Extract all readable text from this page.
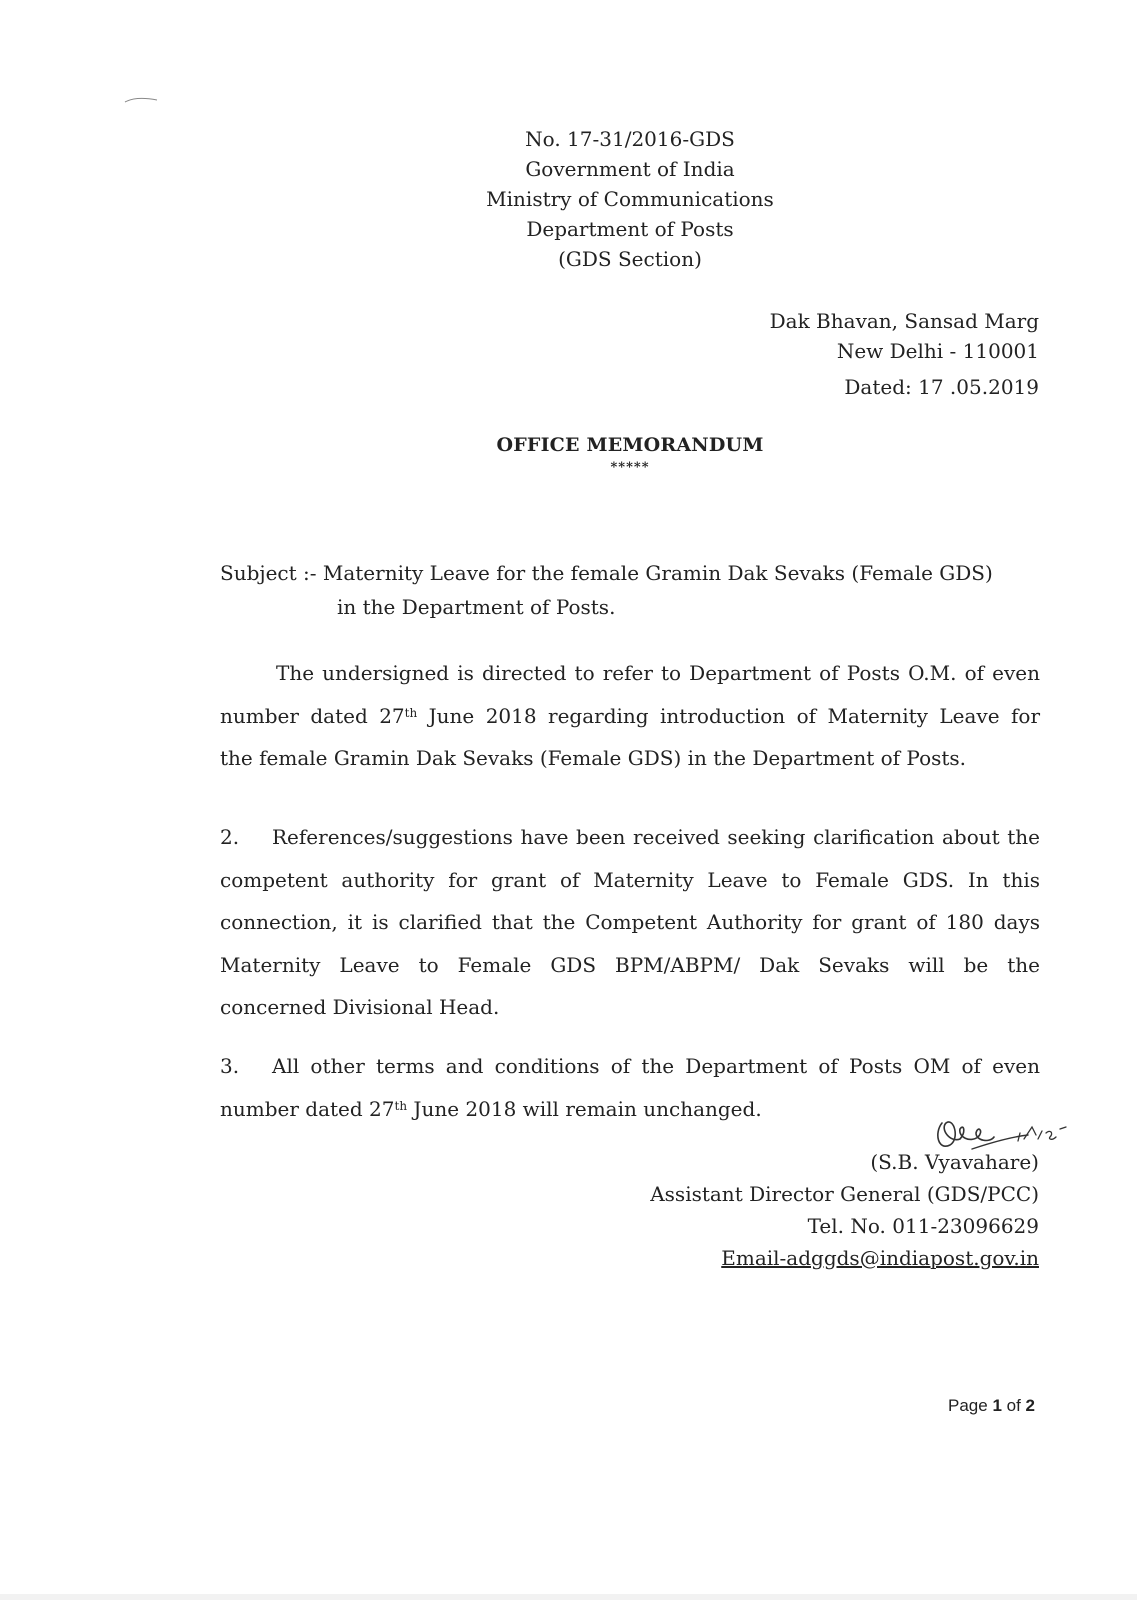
No. 17-31/2016-GDS
Government of India
Ministry of Communications
Department of Posts
(GDS Section)
Dak Bhavan, Sansad Marg
New Delhi - 110001
Dated: 17 .05.2019
OFFICE MEMORANDUM
*****
Subject :- Maternity Leave for the female Gramin Dak Sevaks (Female GDS)
in the Department of Posts.
The undersigned is directed to refer to Department of Posts O.M. of even
number dated 27th June 2018 regarding introduction of Maternity Leave for
the female Gramin Dak Sevaks (Female GDS) in the Department of Posts.
2. References/suggestions have been received seeking clarification about the
competent authority for grant of Maternity Leave to Female GDS. In this
connection, it is clarified that the Competent Authority for grant of 180 days
Maternity Leave to Female GDS BPM/ABPM/ Dak Sevaks will be the
concerned Divisional Head.
3. All other terms and conditions of the Department of Posts OM of even
number dated 27th June 2018 will remain unchanged.
(S.B. Vyavahare)
Assistant Director General (GDS/PCC)
Tel. No. 011-23096629
Email-adggds@indiapost.gov.in
Page 1 of 2
